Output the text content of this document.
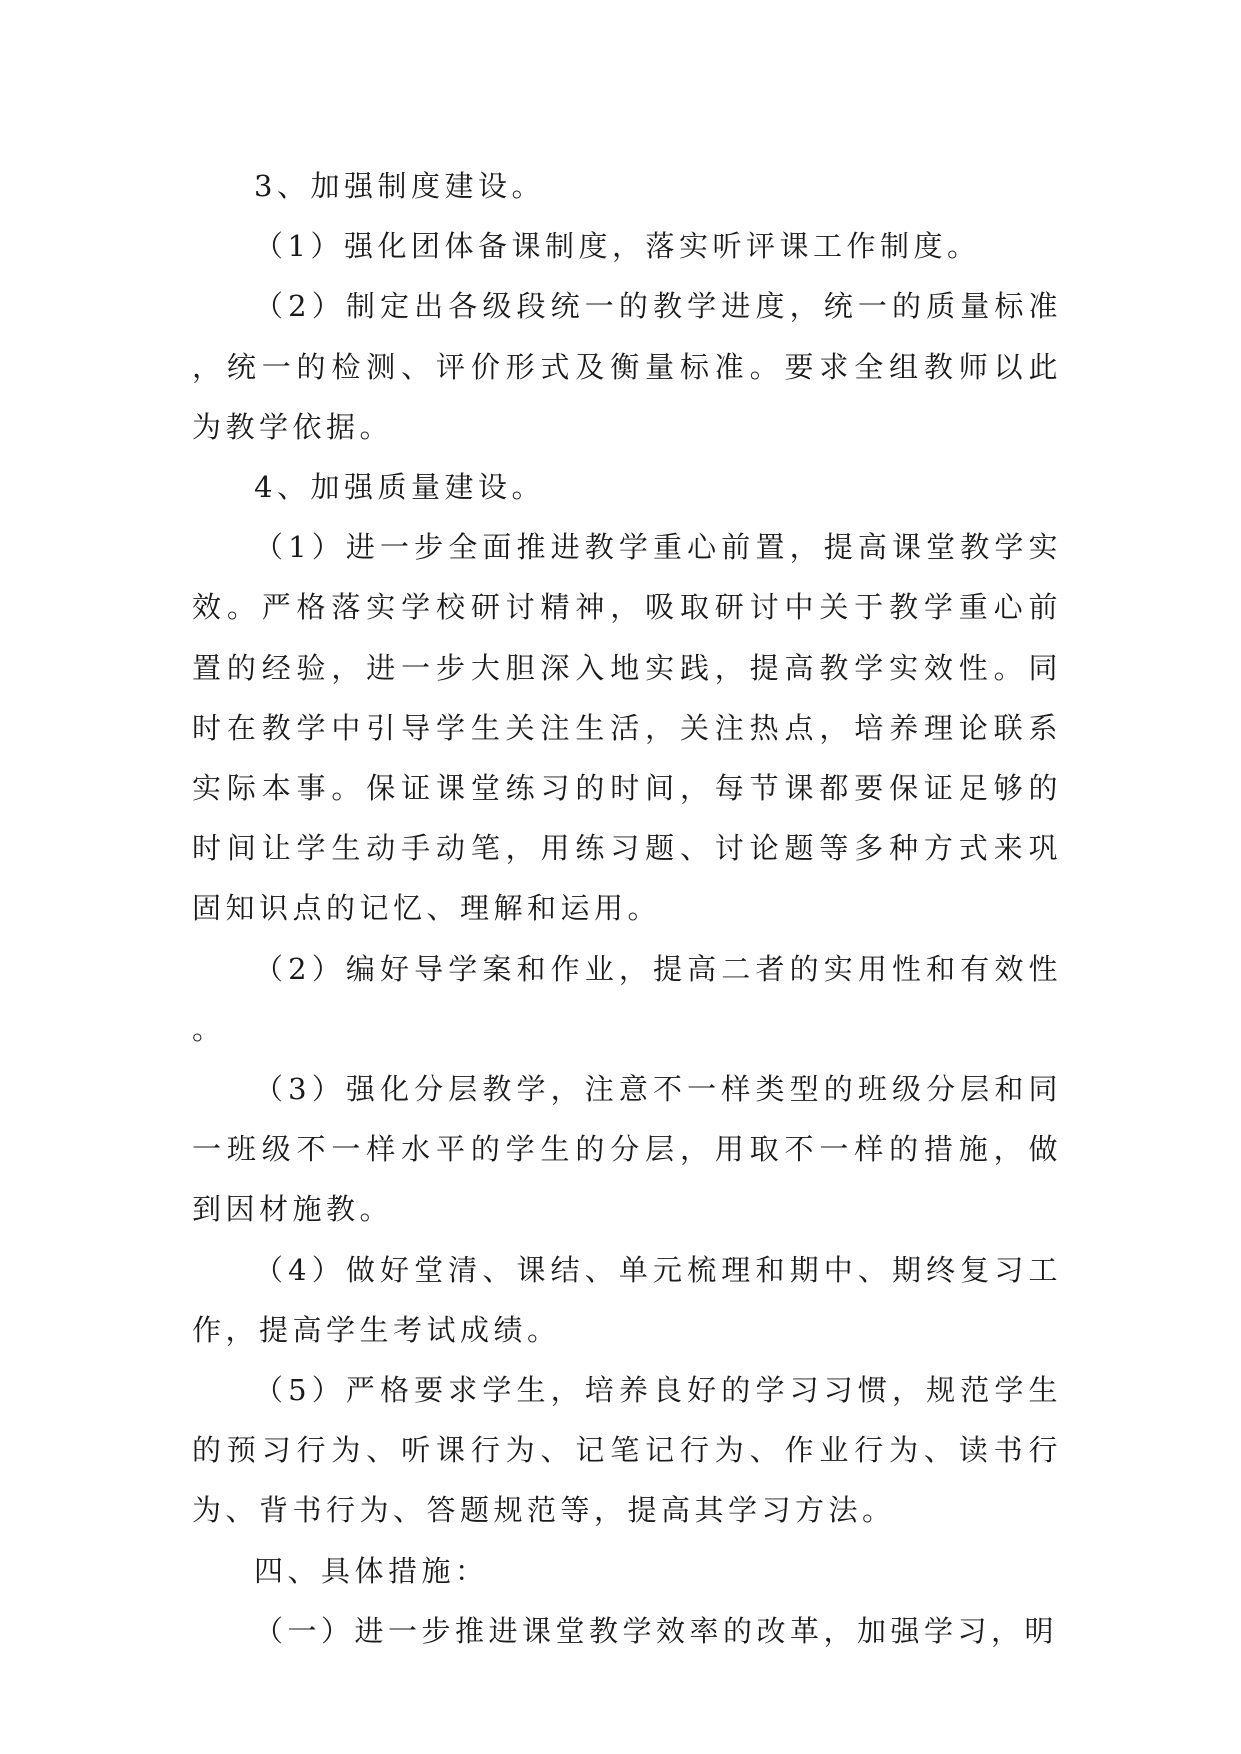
3、加强制度建设。

（1）强化团体备课制度，落实听评课工作制度。

（2）制定出各级段统一的教学进度，统一的质量标准，统一的检测、评价形式及衡量标准。要求全组教师以此为教学依据。

4、加强质量建设。

（1）进一步全面推进教学重心前置，提高课堂教学实效。严格落实学校研讨精神，吸取研讨中关于教学重心前置的经验，进一步大胆深入地实践，提高教学实效性。同时在教学中引导学生关注生活，关注热点，培养理论联系实际本事。保证课堂练习的时间，每节课都要保证足够的时间让学生动手动笔，用练习题、讨论题等多种方式来巩固知识点的记忆、理解和运用。

（2）编好导学案和作业，提高二者的实用性和有效性。

（3）强化分层教学，注意不一样类型的班级分层和同一班级不一样水平的学生的分层，用取不一样的措施，做到因材施教。

（4）做好堂清、课结、单元梳理和期中、期终复习工作，提高学生考试成绩。

（5）严格要求学生，培养良好的学习习惯，规范学生的预习行为、听课行为、记笔记行为、作业行为、读书行为、背书行为、答题规范等，提高其学习方法。

四、具体措施：

（一）进一步推进课堂教学效率的改革，加强学习，明
